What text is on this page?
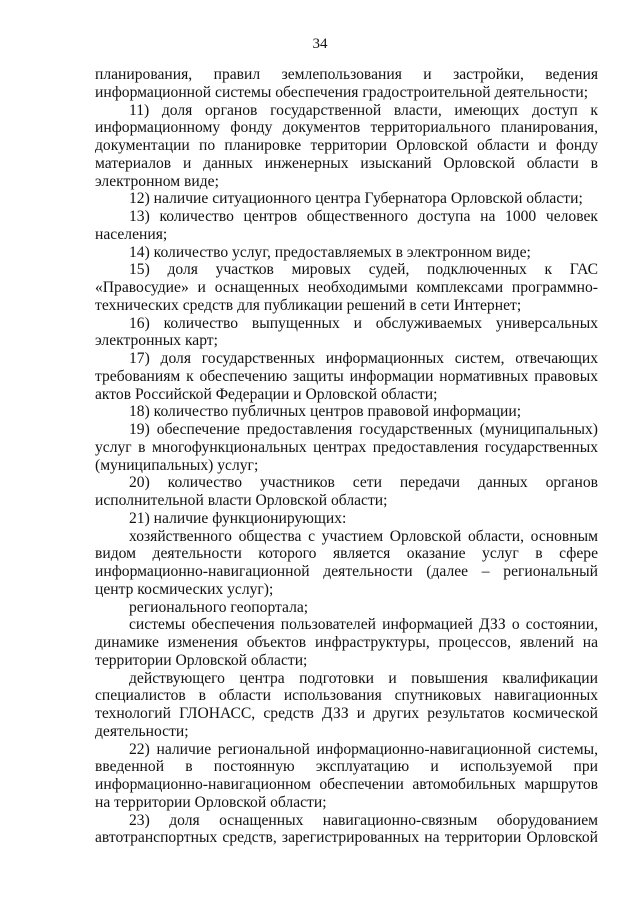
34

планирования, правил землепользования и застройки, ведения информационной системы обеспечения градостроительной деятельности;

11) доля органов государственной власти, имеющих доступ к информационному фонду документов территориального планирования, документации по планировке территории Орловской области и фонду материалов и данных инженерных изысканий Орловской области в электронном виде;

12) наличие ситуационного центра Губернатора Орловской области;

13) количество центров общественного доступа на 1000 человек населения;

14) количество услуг, предоставляемых в электронном виде;

15) доля участков мировых судей, подключенных к ГАС «Правосудие» и оснащенных необходимыми комплексами программно-технических средств для публикации решений в сети Интернет;

16) количество выпущенных и обслуживаемых универсальных электронных карт;

17) доля государственных информационных систем, отвечающих требованиям к обеспечению защиты информации нормативных правовых актов Российской Федерации и Орловской области;

18) количество публичных центров правовой информации;

19) обеспечение предоставления государственных (муниципальных) услуг в многофункциональных центрах предоставления государственных (муниципальных) услуг;

20) количество участников сети передачи данных органов исполнительной власти Орловской области;

21) наличие функционирующих:

хозяйственного общества с участием Орловской области, основным видом деятельности которого является оказание услуг в сфере информационно-навигационной деятельности (далее – региональный центр космических услуг);

регионального геопортала;

системы обеспечения пользователей информацией ДЗЗ о состоянии, динамике изменения объектов инфраструктуры, процессов, явлений на территории Орловской области;

действующего центра подготовки и повышения квалификации специалистов в области использования спутниковых навигационных технологий ГЛОНАСС, средств ДЗЗ и других результатов космической деятельности;

22) наличие региональной информационно-навигационной системы, введенной в постоянную эксплуатацию и используемой при информационно-навигационном обеспечении автомобильных маршрутов на территории Орловской области;

23) доля оснащенных навигационно-связным оборудованием автотранспортных средств, зарегистрированных на территории Орловской
